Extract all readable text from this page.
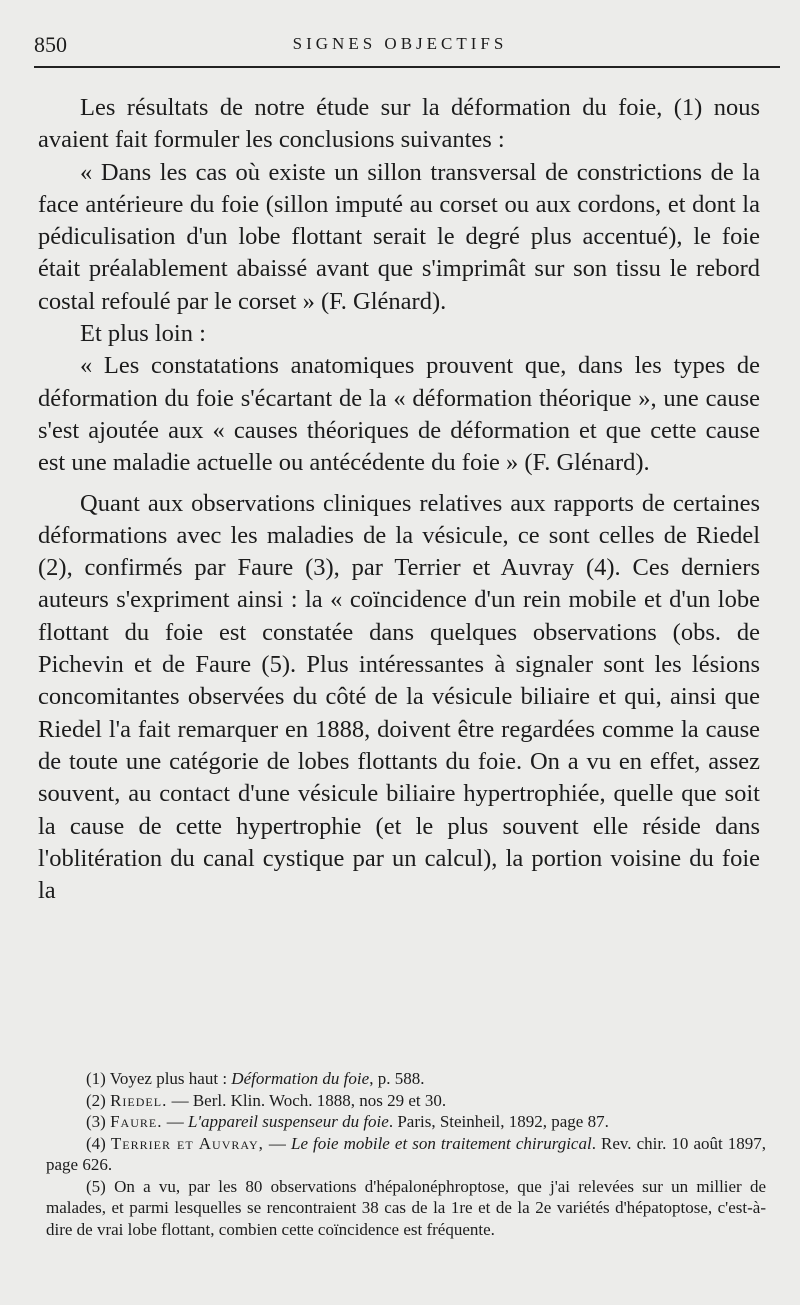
850	SIGNES OBJECTIFS

Les résultats de notre étude sur la déformation du foie, (1) nous avaient fait formuler les conclusions suivantes :

« Dans les cas où existe un sillon transversal de constrictions de la face antérieure du foie (sillon imputé au corset ou aux cordons, et dont la pédiculisation d'un lobe flottant serait le degré plus accentué), le foie était préalablement abaissé avant que s'imprimât sur son tissu le rebord costal refoulé par le corset » (F. Glénard).

Et plus loin :

« Les constatations anatomiques prouvent que, dans les types de déformation du foie s'écartant de la « déformation théorique », une cause s'est ajoutée aux « causes théoriques de déformation et que cette cause est une maladie actuelle ou antécédente du foie » (F. Glénard).

Quant aux observations cliniques relatives aux rapports de certaines déformations avec les maladies de la vésicule, ce sont celles de Riedel (2), confirmés par Faure (3), par Terrier et Auvray (4). Ces derniers auteurs s'expriment ainsi : la « coïncidence d'un rein mobile et d'un lobe flottant du foie est constatée dans quelques observations (obs. de Pichevin et de Faure (5). Plus intéressantes à signaler sont les lésions concomitantes observées du côté de la vésicule biliaire et qui, ainsi que Riedel l'a fait remarquer en 1888, doivent être regardées comme la cause de toute une catégorie de lobes flottants du foie. On a vu en effet, assez souvent, au contact d'une vésicule biliaire hypertrophiée, quelle que soit la cause de cette hypertrophie (et le plus souvent elle réside dans l'oblitération du canal cystique par un calcul), la portion voisine du foie la

(1) Voyez plus haut : Déformation du foie, p. 588.

(2) Riedel. — Berl. Klin. Woch. 1888, nos 29 et 30.

(3) Faure. — L'appareil suspenseur du foie. Paris, Steinheil, 1892, page 87.

(4) Terrier et Auvray, — Le foie mobile et son traitement chirurgical. Rev. chir. 10 août 1897, page 626.

(5) On a vu, par les 80 observations d'hépalonéphroptose, que j'ai relevées sur un millier de malades, et parmi lesquelles se rencontraient 38 cas de la 1re et de la 2e variétés d'hépatoptose, c'est-à-dire de vrai lobe flottant, combien cette coïncidence est fréquente.
